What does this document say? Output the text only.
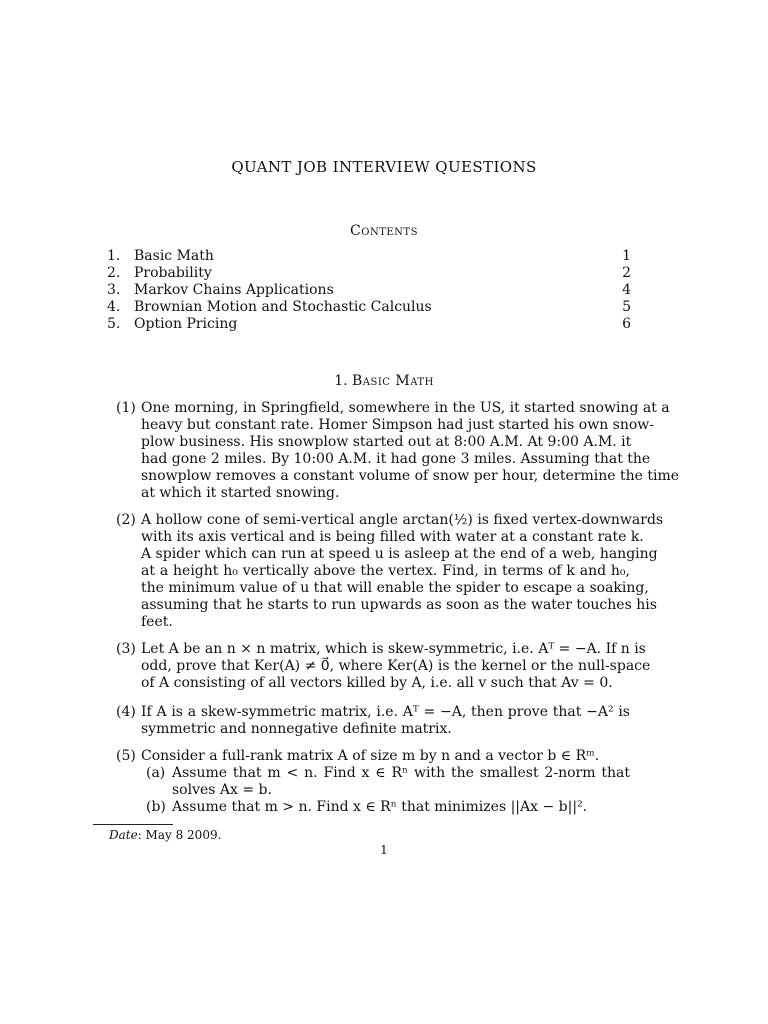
QUANT JOB INTERVIEW QUESTIONS
Contents
1. Basic Math	1
2. Probability	2
3. Markov Chains Applications	4
4. Brownian Motion and Stochastic Calculus	5
5. Option Pricing	6
1. Basic Math
(1) One morning, in Springfield, somewhere in the US, it started snowing at a
heavy but constant rate. Homer Simpson had just started his own snow-
plow business. His snowplow started out at 8:00 A.M. At 9:00 A.M. it
had gone 2 miles. By 10:00 A.M. it had gone 3 miles. Assuming that the
snowplow removes a constant volume of snow per hour, determine the time
at which it started snowing.
(2) A hollow cone of semi-vertical angle arctan(½) is fixed vertex-downwards
with its axis vertical and is being filled with water at a constant rate k.
A spider which can run at speed u is asleep at the end of a web, hanging
at a height h₀ vertically above the vertex. Find, in terms of k and h₀,
the minimum value of u that will enable the spider to escape a soaking,
assuming that he starts to run upwards as soon as the water touches his
feet.
(3) Let A be an n × n matrix, which is skew-symmetric, i.e. Aᵀ = −A. If n is
odd, prove that Ker(A) ≠ 0⃗, where Ker(A) is the kernel or the null-space
of A consisting of all vectors killed by A, i.e. all v such that Av = 0.
(4) If A is a skew-symmetric matrix, i.e. Aᵀ = −A, then prove that −A² is
symmetric and nonnegative definite matrix.
(5) Consider a full-rank matrix A of size m by n and a vector b ∈ Rᵐ.
(a) Assume that m < n. Find x ∈ Rⁿ with the smallest 2-norm that
solves Ax = b.
(b) Assume that m > n. Find x ∈ Rⁿ that minimizes ||Ax − b||².
Date: May 8 2009.
1
